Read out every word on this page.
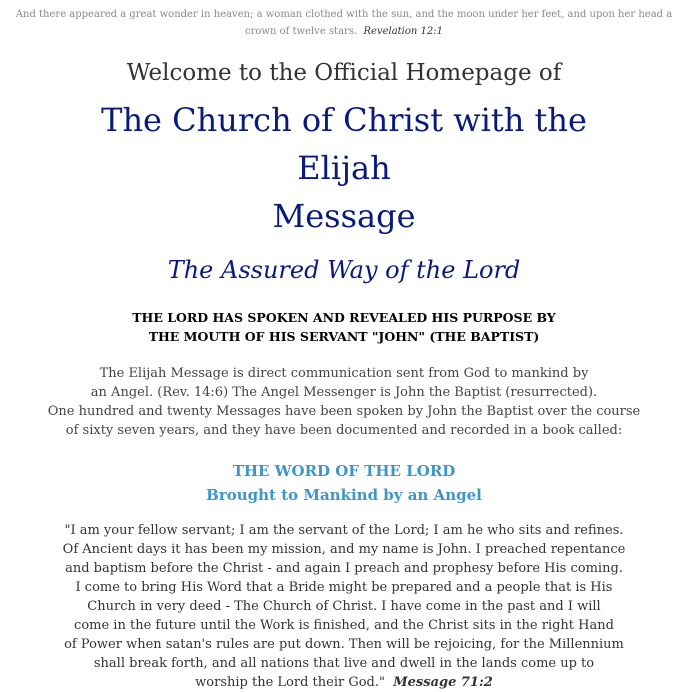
And there appeared a great wonder in heaven; a woman clothed with the sun, and the moon under her feet, and upon her head a crown of twelve stars. Revelation 12:1

Welcome to the Official Homepage of
The Church of Christ with the Elijah
Message
The Assured Way of the Lord
THE LORD HAS SPOKEN AND REVEALED HIS PURPOSE BY
THE MOUTH OF HIS SERVANT "JOHN" (THE BAPTIST)
The Elijah Message is direct communication sent from God to mankind by
an Angel. (Rev. 14:6) The Angel Messenger is John the Baptist (resurrected).
One hundred and twenty Messages have been spoken by John the Baptist over the course
of sixty seven years, and they have been documented and recorded in a book called:
THE WORD OF THE LORD
Brought to Mankind by an Angel
"I am your fellow servant; I am the servant of the Lord; I am he who sits and refines.
Of Ancient days it has been my mission, and my name is John. I preached repentance
and baptism before the Christ - and again I preach and prophesy before His coming.
I come to bring His Word that a Bride might be prepared and a people that is His
Church in very deed - The Church of Christ. I have come in the past and I will
come in the future until the Work is finished, and the Christ sits in the right Hand
of Power when satan's rules are put down. Then will be rejoicing, for the Millennium
shall break forth, and all nations that live and dwell in the lands come up to
worship the Lord their God." Message 71:2
